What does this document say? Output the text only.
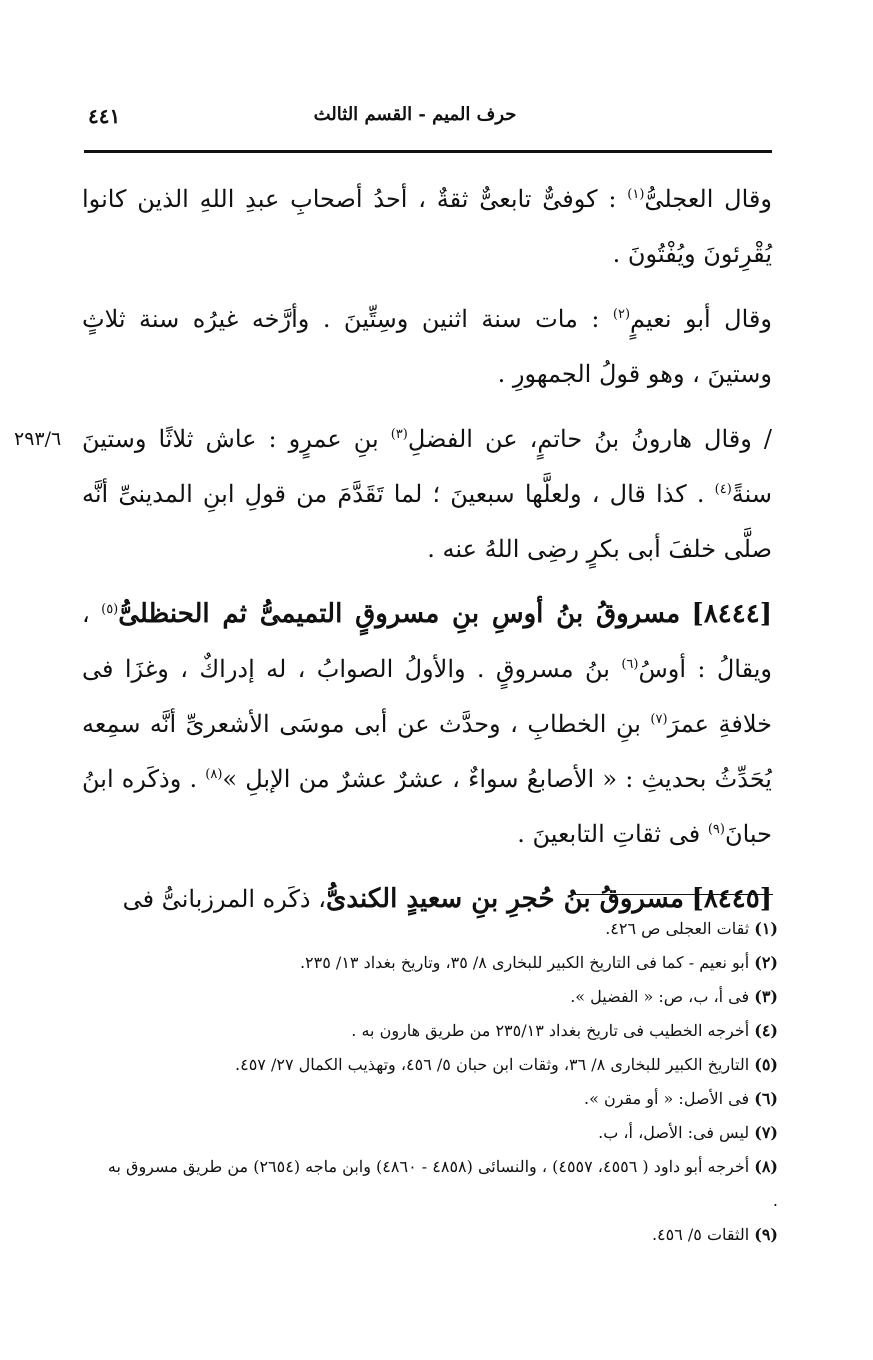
٤٤١	حرف الميم - القسم الثالث
٢٩٣/٦

وقال العجلىُّ$^{(١)}$ : كوفىٌّ تابعىٌّ ثقةٌ ، أحدُ أصحابِ عبدِ اللهِ الذين كانوا يُقْرِئونَ ويُفْتُونَ .

وقال أبو نعيمٍ$^{(٢)}$ : مات سنة اثنين وسِتِّينَ . وأرَّخه غيرُه سنة ثلاثٍ وستينَ ، وهو قولُ الجمهورِ .

/ وقال هارونُ بنُ حاتمٍ، عن الفضلِ$^{(٣)}$ بنِ عمرٍو : عاش ثلاثًا وستينَ سنةً$^{(٤)}$ . كذا قال ، ولعلَّها سبعينَ ؛ لما تَقَدَّمَ من قولِ ابنِ المدينىِّ أنَّه صلَّى خلفَ أبى بكرٍ رضِى اللهُ عنه .

[٨٤٤٤] مسروقُ بنُ أوسِ بنِ مسروقٍ التميمىُّ ثم الحنظلىُّ$^{(٥)}$ ، ويقالُ : أوسُ$^{(٦)}$ بنُ مسروقٍ . والأولُ الصوابُ ، له إدراكٌ ، وغزَا فى خلافةِ عمرَ$^{(٧)}$ بنِ الخطابِ ، وحدَّث عن أبى موسَى الأشعرىِّ أنَّه سمِعه يُحَدِّثُ بحديثِ : « الأصابعُ سواءٌ ، عشرٌ عشرٌ من الإبلِ »$^{(٨)}$ . وذكَره ابنُ حبانَ$^{(٩)}$ فى ثقاتِ التابعينَ .

[٨٤٤٥] مسروقُ بنُ حُجرِ بنِ سعيدٍ الكندىُّ، ذكَره المرزبانىُّ فى

(١) ثقات العجلى ص ٤٢٦.

(٢) أبو نعيم - كما فى التاريخ الكبير للبخارى ٨/ ٣٥، وتاريخ بغداد ١٣/ ٢٣٥.

(٣) فى أ، ب، ص: « الفضيل ».

(٤) أخرجه الخطيب فى تاريخ بغداد ٢٣٥/١٣ من طريق هارون به .

(٥) التاريخ الكبير للبخارى ٨/ ٣٦، وثقات ابن حبان ٥/ ٤٥٦، وتهذيب الكمال ٢٧/ ٤٥٧.

(٦) فى الأصل: « أو مقرن ».

(٧) ليس فى: الأصل، أ، ب.

(٨) أخرجه أبو داود ( ٤٥٥٦، ٤٥٥٧) ، والنسائى (٤٨٥٨ - ٤٨٦٠) وابن ماجه (٢٦٥٤) من طريق مسروق به .

(٩) الثقات ٥/ ٤٥٦.
